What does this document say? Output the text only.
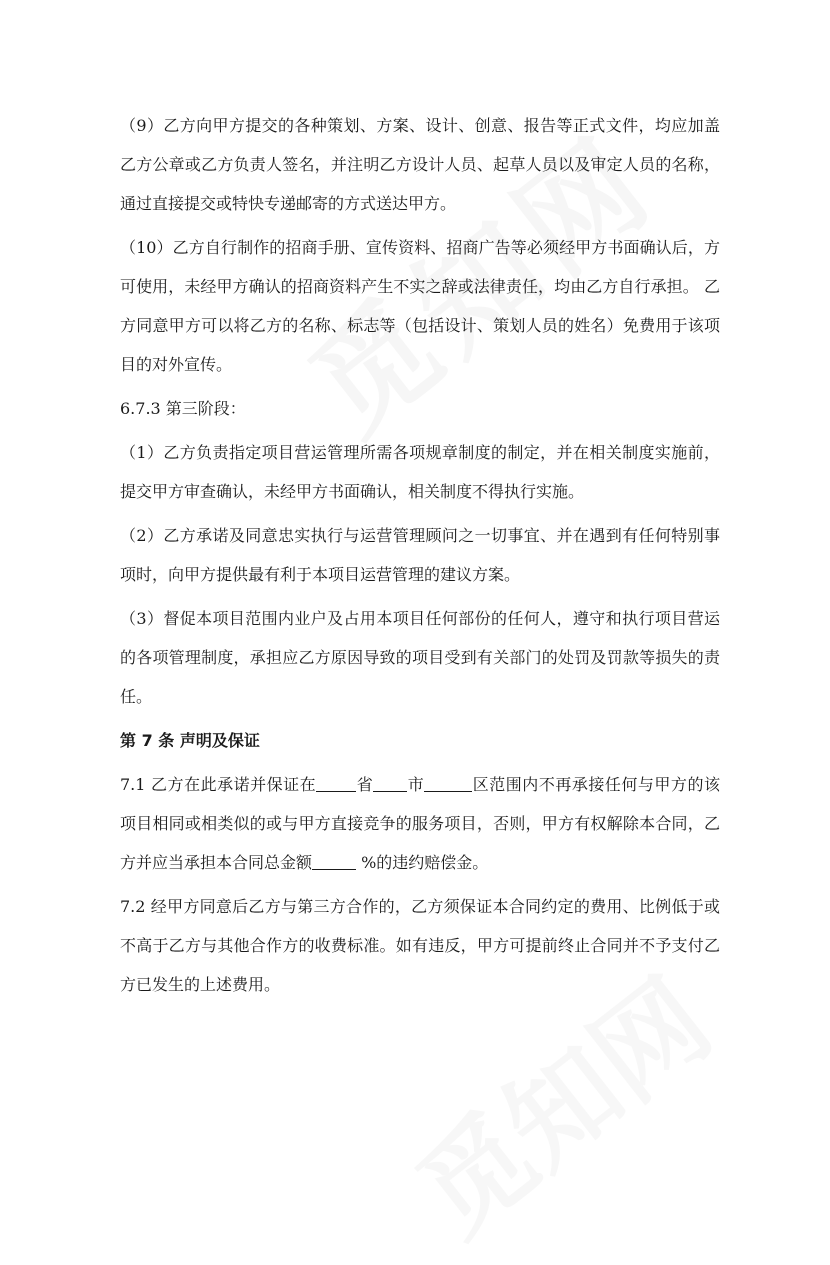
（9）乙方向甲方提交的各种策划、方案、设计、创意、报告等正式文件，均应加盖乙方公章或乙方负责人签名，并注明乙方设计人员、起草人员以及审定人员的名称，通过直接提交或特快专递邮寄的方式送达甲方。

（10）乙方自行制作的招商手册、宣传资料、招商广告等必须经甲方书面确认后，方可使用，未经甲方确认的招商资料产生不实之辞或法律责任，均由乙方自行承担。 乙方同意甲方可以将乙方的名称、标志等（包括设计、策划人员的姓名）免费用于该项目的对外宣传。

6.7.3 第三阶段：

（1）乙方负责指定项目营运管理所需各项规章制度的制定，并在相关制度实施前，提交甲方审查确认，未经甲方书面确认，相关制度不得执行实施。

（2）乙方承诺及同意忠实执行与运营管理顾问之一切事宜、并在遇到有任何特别事项时，向甲方提供最有利于本项目运营管理的建议方案。

（3）督促本项目范围内业户及占用本项目任何部份的任何人，遵守和执行项目营运的各项管理制度，承担应乙方原因导致的项目受到有关部门的处罚及罚款等损失的责任。

第 7 条 声明及保证

7.1 乙方在此承诺并保证在	省 市	区范围内不再承接任何与甲方的该项目相同或相类似的或与甲方直接竞争的服务项目，否则，甲方有权解除本合同，乙方并应当承担本合同总金额	%的违约赔偿金。

7.2 经甲方同意后乙方与第三方合作的，乙方须保证本合同约定的费用、比例低于或不高于乙方与其他合作方的收费标准。如有违反，甲方可提前终止合同并不予支付乙方已发生的上述费用。
